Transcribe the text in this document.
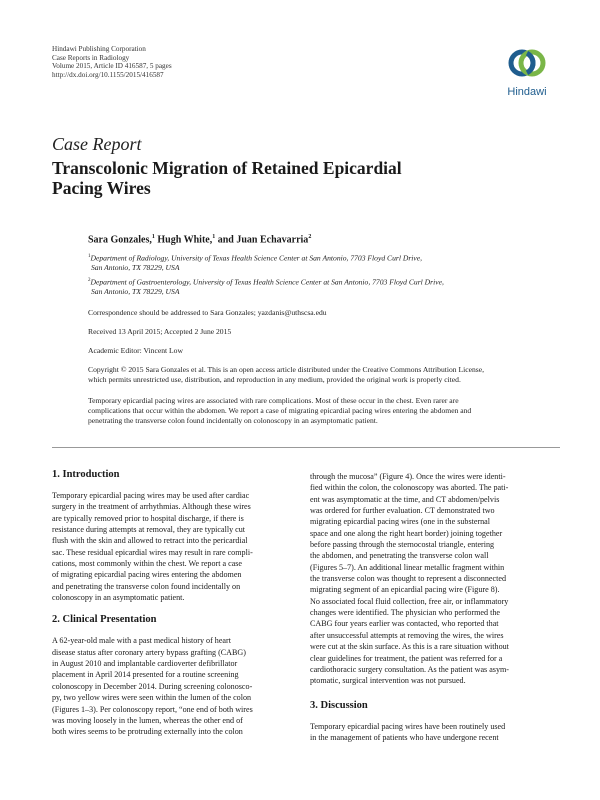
Hindawi Publishing Corporation
Case Reports in Radiology
Volume 2015, Article ID 416587, 5 pages
http://dx.doi.org/10.1155/2015/416587
Hindawi
Case Report
Transcolonic Migration of Retained Epicardial
Pacing Wires
Sara Gonzales,$^1$ Hugh White,$^1$ and Juan Echavarria$^2$
$^1$Department of Radiology, University of Texas Health Science Center at San Antonio, 7703 Floyd Curl Drive,
San Antonio, TX 78229, USA
$^2$Department of Gastroenterology, University of Texas Health Science Center at San Antonio, 7703 Floyd Curl Drive,
San Antonio, TX 78229, USA
Correspondence should be addressed to Sara Gonzales; yazdanis@uthscsa.edu
Received 13 April 2015; Accepted 2 June 2015
Academic Editor: Vincent Low
Copyright © 2015 Sara Gonzales et al. This is an open access article distributed under the Creative Commons Attribution License,
which permits unrestricted use, distribution, and reproduction in any medium, provided the original work is properly cited.
Temporary epicardial pacing wires are associated with rare complications. Most of these occur in the chest. Even rarer are
complications that occur within the abdomen. We report a case of migrating epicardial pacing wires entering the abdomen and
penetrating the transverse colon found incidentally on colonoscopy in an asymptomatic patient.
1. Introduction

Temporary epicardial pacing wires may be used after cardiac
surgery in the treatment of arrhythmias. Although these wires
are typically removed prior to hospital discharge, if there is
resistance during attempts at removal, they are typically cut
flush with the skin and allowed to retract into the pericardial
sac. These residual epicardial wires may result in rare compli-
cations, most commonly within the chest. We report a case
of migrating epicardial pacing wires entering the abdomen
and penetrating the transverse colon found incidentally on
colonoscopy in an asymptomatic patient.

2. Clinical Presentation

A 62-year-old male with a past medical history of heart
disease status after coronary artery bypass grafting (CABG)
in August 2010 and implantable cardioverter defibrillator
placement in April 2014 presented for a routine screening
colonoscopy in December 2014. During screening colonosco-
py, two yellow wires were seen within the lumen of the colon
(Figures 1–3). Per colonoscopy report, “one end of both wires
was moving loosely in the lumen, whereas the other end of
both wires seems to be protruding externally into the colon

through the mucosa” (Figure 4). Once the wires were identi-
fied within the colon, the colonoscopy was aborted. The pati-
ent was asymptomatic at the time, and CT abdomen/pelvis
was ordered for further evaluation. CT demonstrated two
migrating epicardial pacing wires (one in the substernal
space and one along the right heart border) joining together
before passing through the sternocostal triangle, entering
the abdomen, and penetrating the transverse colon wall
(Figures 5–7). An additional linear metallic fragment within
the transverse colon was thought to represent a disconnected
migrating segment of an epicardial pacing wire (Figure 8).
No associated focal fluid collection, free air, or inflammatory
changes were identified. The physician who performed the
CABG four years earlier was contacted, who reported that
after unsuccessful attempts at removing the wires, the wires
were cut at the skin surface. As this is a rare situation without
clear guidelines for treatment, the patient was referred for a
cardiothoracic surgery consultation. As the patient was asym-
ptomatic, surgical intervention was not pursued.

3. Discussion

Temporary epicardial pacing wires have been routinely used
in the management of patients who have undergone recent
